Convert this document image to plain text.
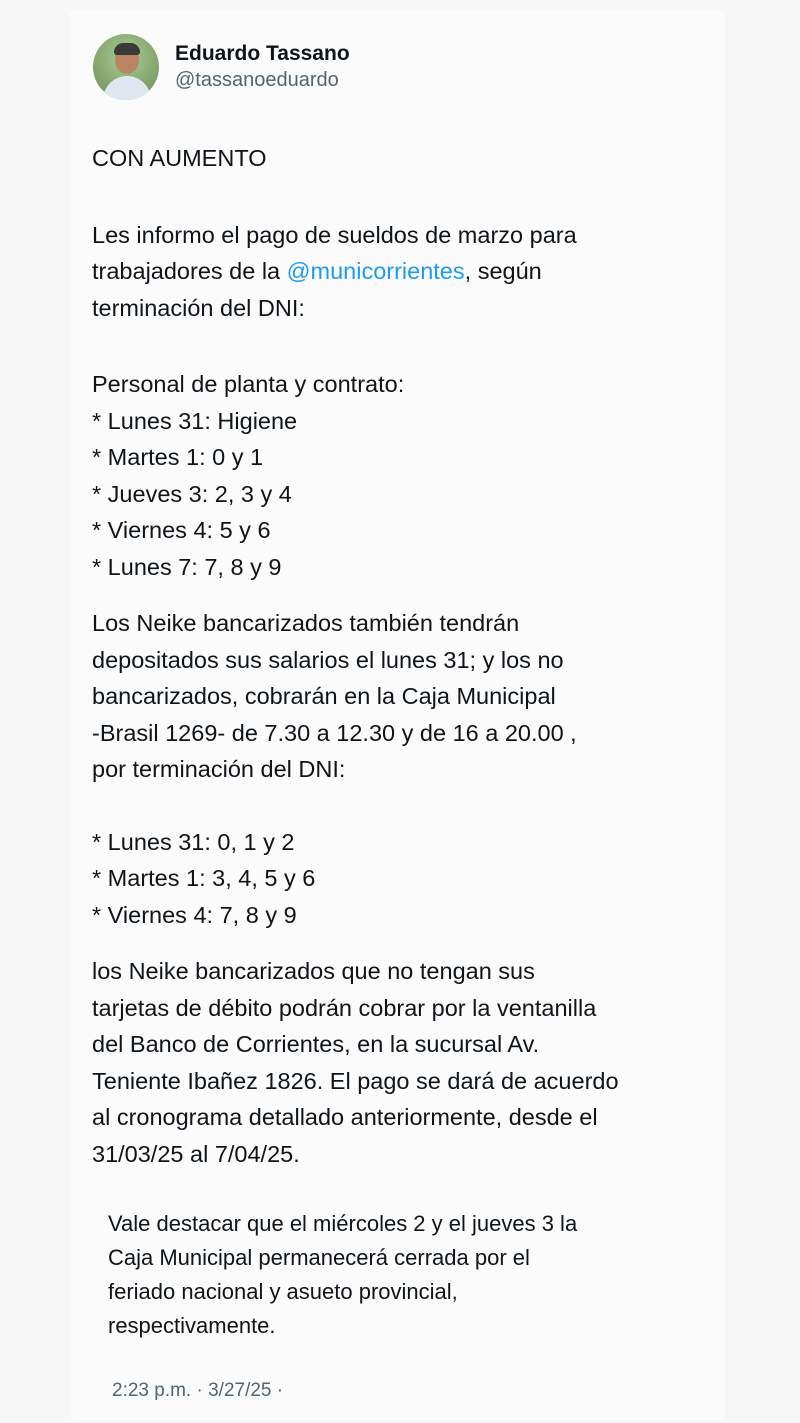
Eduardo Tassano
@tassanoeduardo

CON AUMENTO

Les informo el pago de sueldos de marzo para

trabajadores de la @municorrientes, según

terminación del DNI:

Personal de planta y contrato:

* Lunes 31: Higiene

* Martes 1: 0 y 1

* Jueves 3: 2, 3 y 4

* Viernes 4: 5 y 6

* Lunes 7: 7, 8 y 9

Los Neike bancarizados también tendrán

depositados sus salarios el lunes 31; y los no

bancarizados, cobrarán en la Caja Municipal

-Brasil 1269- de 7.30 a 12.30 y de 16 a 20.00 ,

por terminación del DNI:

* Lunes 31: 0, 1 y 2

* Martes 1: 3, 4, 5 y 6

* Viernes 4: 7, 8 y 9

los Neike bancarizados que no tengan sus

tarjetas de débito podrán cobrar por la ventanilla

del Banco de Corrientes, en la sucursal Av.

Teniente Ibañez 1826. El pago se dará de acuerdo

al cronograma detallado anteriormente, desde el

31/03/25 al 7/04/25.

Vale destacar que el miércoles 2 y el jueves 3 la

Caja Municipal permanecerá cerrada por el

feriado nacional y asueto provincial,

respectivamente.

2:23 p.m. · 3/27/25 ·
